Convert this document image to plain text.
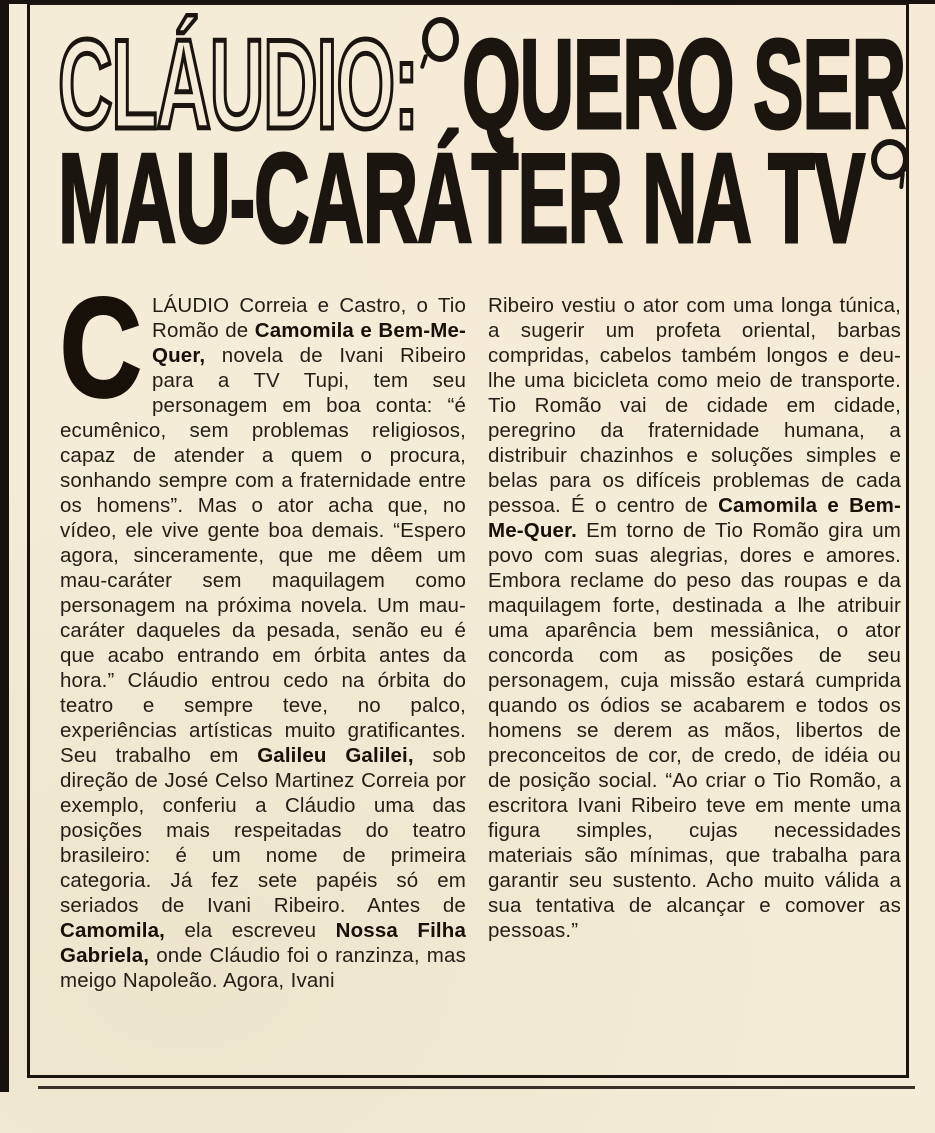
CLÁUDIO: QUERO SER
MAU-CARÁTER NA TV
CLÁUDIO Correia e Castro, o Tio Romão de Camomila e Bem-Me-Quer, novela de Ivani Ribeiro para a TV Tupi, tem seu personagem em boa conta: “é ecumênico, sem problemas religiosos, capaz de atender a quem o procura, sonhando sempre com a fraternidade entre os homens”. Mas o ator acha que, no vídeo, ele vive gente boa demais. “Espero agora, sinceramente, que me dêem um mau-caráter sem maquilagem como personagem na próxima novela. Um mau-caráter daqueles da pesada, senão eu é que acabo entrando em órbita antes da hora.” Cláudio entrou cedo na órbita do teatro e sempre teve, no palco, experiências artísticas muito gratificantes. Seu trabalho em Galileu Galilei, sob direção de José Celso Martinez Correia por exemplo, conferiu a Cláudio uma das posições mais respeitadas do teatro brasileiro: é um nome de primeira categoria. Já fez sete papéis só em seriados de Ivani Ribeiro. Antes de Camomila, ela escreveu Nossa Filha Gabriela, onde Cláudio foi o ranzinza, mas meigo Napoleão. Agora, Ivani
Ribeiro vestiu o ator com uma longa túnica, a sugerir um profeta oriental, barbas compridas, cabelos também longos e deu-lhe uma bicicleta como meio de transporte. Tio Romão vai de cidade em cidade, peregrino da fraternidade humana, a distribuir chazinhos e soluções simples e belas para os difíceis problemas de cada pessoa. É o centro de Camomila e Bem-Me-Quer. Em torno de Tio Romão gira um povo com suas alegrias, dores e amores. Embora reclame do peso das roupas e da maquilagem forte, destinada a lhe atribuir uma aparência bem messiânica, o ator concorda com as posições de seu personagem, cuja missão estará cumprida quando os ódios se acabarem e todos os homens se derem as mãos, libertos de preconceitos de cor, de credo, de idéia ou de posição social. “Ao criar o Tio Romão, a escritora Ivani Ribeiro teve em mente uma figura simples, cujas necessidades materiais são mínimas, que trabalha para garantir seu sustento. Acho muito válida a sua tentativa de alcançar e comover as pessoas.”
